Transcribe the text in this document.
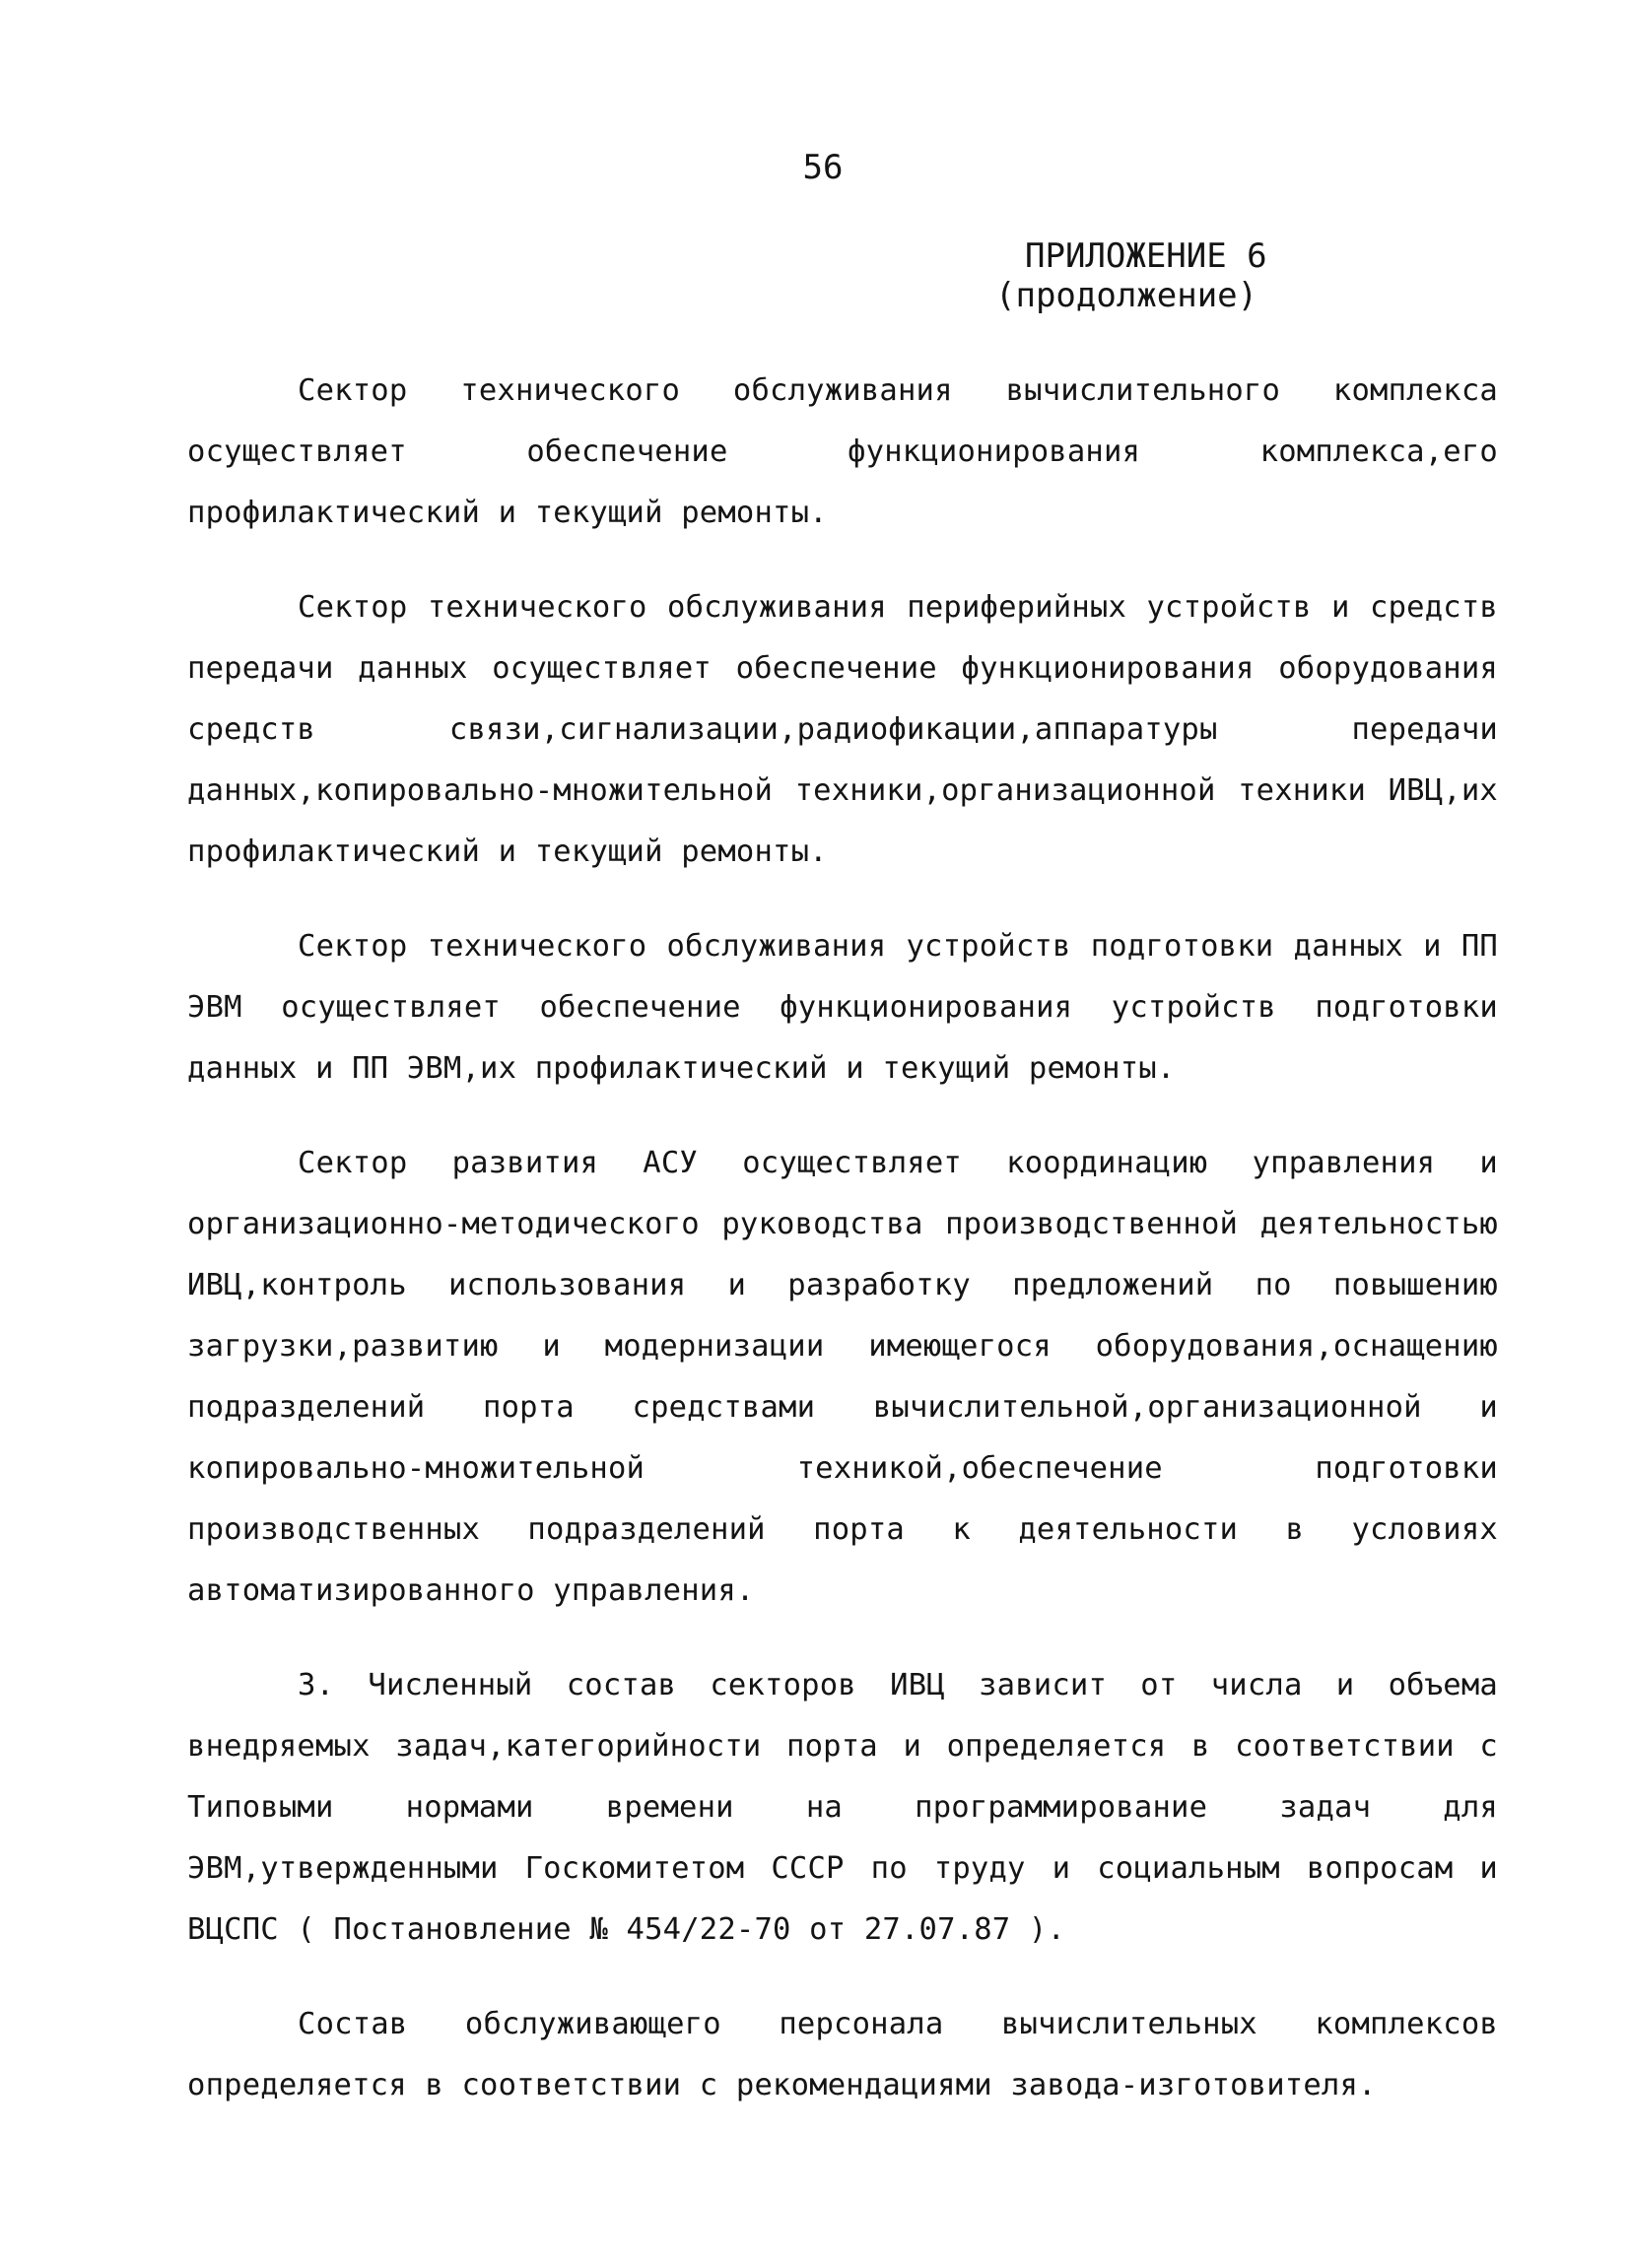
56
ПРИЛОЖЕНИЕ 6
(продолжение)

Сектор технического обслуживания вычислительного комплекса осуществляет обеспечение функционирования комплекса,его профилактический и текущий ремонты.

Сектор технического обслуживания периферийных устройств и средств передачи данных осуществляет обеспечение функционирования оборудования средств связи,сигнализации,радиофикации,аппаратуры передачи данных,копировально-множительной техники,организационной техники ИВЦ,их профилактический и текущий ремонты.

Сектор технического обслуживания устройств подготовки данных и ПП ЭВМ осуществляет обеспечение функционирования устройств подготовки данных и ПП ЭВМ,их профилактический и текущий ремонты.

Сектор развития АСУ осуществляет координацию управления и организационно-методического руководства производственной деятельностью ИВЦ,контроль использования и разработку предложений по повышению загрузки,развитию и модернизации имеющегося оборудования,оснащению подразделений порта средствами вычислительной,организационной и копировально-множительной техникой,обеспечение подготовки производственных подразделений порта к деятельности в условиях автоматизированного управления.

3. Численный состав секторов ИВЦ зависит от числа и объема внедряемых задач,категорийности порта и определяется в соответствии с Типовыми нормами времени на программирование задач для ЭВМ,утвержденными Госкомитетом СССР по труду и социальным вопросам и ВЦСПС ( Постановление № 454/22-70 от 27.07.87 ).

Состав обслуживающего персонала вычислительных комплексов определяется в соответствии с рекомендациями завода-изготовителя.
